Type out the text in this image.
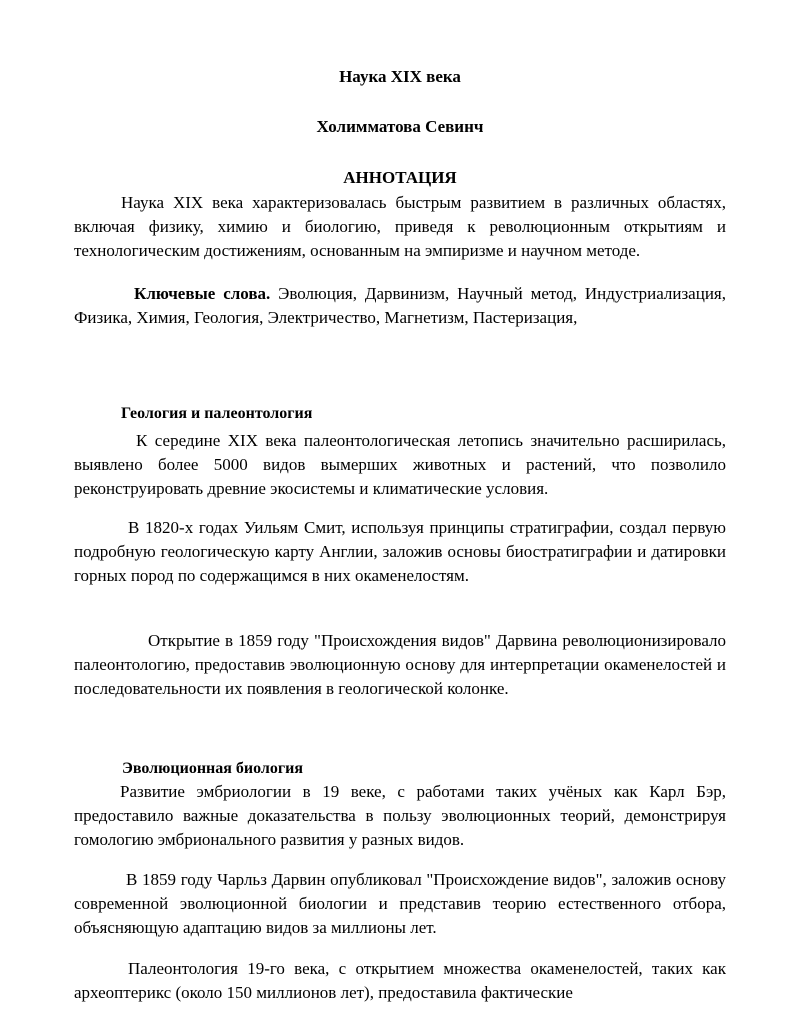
Наука XIX века
Холимматова Севинч
АННОТАЦИЯ
Наука XIX века характеризовалась быстрым развитием в различных областях, включая физику, химию и биологию, приведя к революционным открытиям и технологическим достижениям, основанным на эмпиризме и научном методе.
Ключевые слова. Эволюция, Дарвинизм, Научный метод, Индустриализация, Физика, Химия, Геология, Электричество, Магнетизм, Пастеризация,
Геология и палеонтология
К середине XIX века палеонтологическая летопись значительно расширилась, выявлено более 5000 видов вымерших животных и растений, что позволило реконструировать древние экосистемы и климатические условия.
В 1820-х годах Уильям Смит, используя принципы стратиграфии, создал первую подробную геологическую карту Англии, заложив основы биостратиграфии и датировки горных пород по содержащимся в них окаменелостям.
Открытие в 1859 году "Происхождения видов" Дарвина революционизировало палеонтологию, предоставив эволюционную основу для интерпретации окаменелостей и последовательности их появления в геологической колонке.
Эволюционная биология
Развитие эмбриологии в 19 веке, с работами таких учёных как Карл Бэр, предоставило важные доказательства в пользу эволюционных теорий, демонстрируя гомологию эмбрионального развития у разных видов.
В 1859 году Чарльз Дарвин опубликовал "Происхождение видов", заложив основу современной эволюционной биологии и представив теорию естественного отбора, объясняющую адаптацию видов за миллионы лет.
Палеонтология 19-го века, с открытием множества окаменелостей, таких как археоптерикс (около 150 миллионов лет), предоставила фактические
